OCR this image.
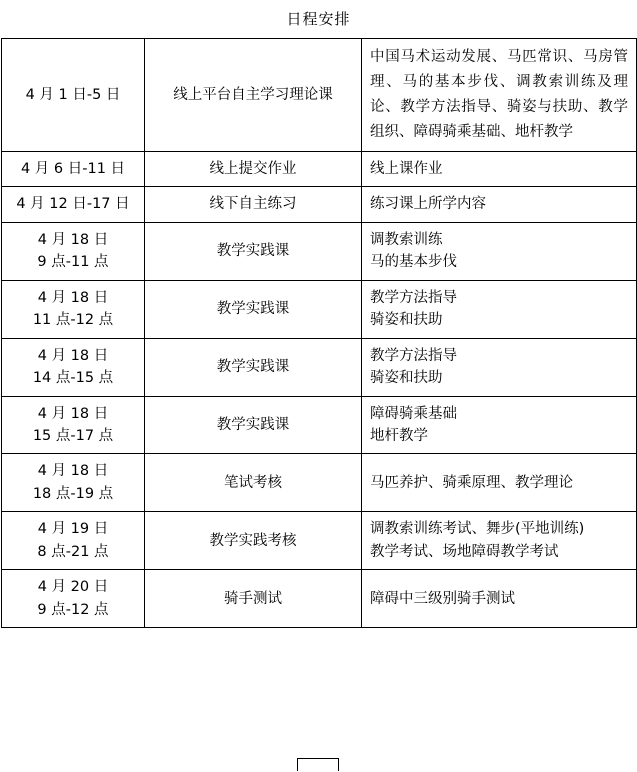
日程安排
4 月 1 日-5 日	线上平台自主学习理论课	中国马术运动发展、马匹常识、马房管理、马的基本步伐、调教索训练及理论、教学方法指导、骑姿与扶助、教学组织、障碍骑乘基础、地杆教学

4 月 6 日-11 日	线上提交作业	线上课作业

4 月 12 日-17 日	线下自主练习	练习课上所学内容

4 月 18 日
9 点-11 点	教学实践课	调教索训练
马的基本步伐

4 月 18 日
11 点-12 点	教学实践课	教学方法指导
骑姿和扶助

4 月 18 日
14 点-15 点	教学实践课	教学方法指导
骑姿和扶助

4 月 18 日
15 点-17 点	教学实践课	障碍骑乘基础
地杆教学

4 月 18 日
18 点-19 点	笔试考核	马匹养护、骑乘原理、教学理论

4 月 19 日
8 点-21 点	教学实践考核	调教索训练考试、舞步(平地训练)
教学考试、场地障碍教学考试

4 月 20 日
9 点-12 点	骑手测试	障碍中三级别骑手测试
